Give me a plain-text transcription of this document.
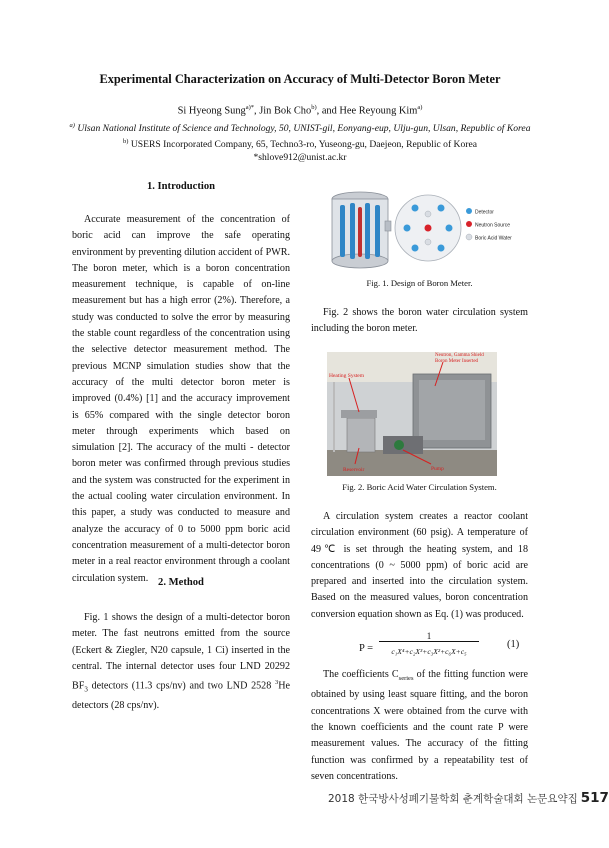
Experimental Characterization on Accuracy of Multi-Detector Boron Meter
Si Hyeong Sung$^{a)*}$, Jin Bok Cho$^{b)}$, and Hee Reyoung Kim$^{a)}$
$^{a)}$ Ulsan National Institute of Science and Technology, 50, UNIST-gil, Eonyang-eup, Ulju-gun, Ulsan, Republic of Korea
$^{b)}$ USERS Incorporated Company, 65, Techno3-ro, Yuseong-gu, Daejeon, Republic of Korea
*shlove912@unist.ac.kr
1. Introduction

Accurate measurement of the concentration of boric acid can improve the safe operating environment by preventing dilution accident of PWR. The boron meter, which is a boron concentration measurement technique, is capable of on-line measurement but has a high error (2%). Therefore, a study was conducted to solve the error by measuring the stable count regardless of the concentration using the selective detector measurement method. The previous MCNP simulation studies show that the accuracy of the multi detector boron meter is improved (0.4%) [1] and the accuracy improvement is 65% compared with the single detector boron meter through experiments which based on simulation [2]. The accuracy of the multi - detector boron meter was confirmed through previous studies and the system was constructed for the experiment in the actual cooling water circulation environment. In this paper, a study was conducted to measure and analyze the accuracy of 0 to 5000 ppm boric acid concentration measurement of a multi-detector boron meter in a real reactor environment through a coolant circulation system. 2. Method

Fig. 1 shows the design of a multi-detector boron meter. The fast neutrons emitted from the source (Eckert & Ziegler, N20 capsule, 1 Ci) inserted in the central. The internal detector uses four LND 20292 $BF_3$ detectors (11.3 cps/nv) and two LND 2528 $^3$He detectors (28 cps/nv).

Detector
Neutron Source
Boric Acid Water
Fig. 1. Design of Boron Meter.

Fig. 2 shows the boron water circulation system including the boron meter.

Heating System
Neutron, Gamma Shield Boron Meter Inserted
Reservoir	Pump
Fig. 2. Boric Acid Water Circulation System.

A circulation system creates a reactor coolant circulation environment (60 psig). A temperature of 49℃ is set through the heating system, and 18 concentrations (0 ~ 5000 ppm) of boric acid are prepared and inserted into the circulation system. Based on the measured values, boron concentration conversion equation shown as Eq. (1) was produced.

P =
1
c₁X⁴+c₂X³+c₃X²+c₆X+c₅
(1)

The coefficients $C_{series}$ of the fitting function were obtained by using least square fitting, and the boron concentrations X were obtained from the curve with the known coefficients and the count rate P were measurement values. The accuracy of the fitting function was confirmed by a repeatability test of seven concentrations.

2018 한국방사성폐기물학회 춘계학술대회 논문요약집 517
